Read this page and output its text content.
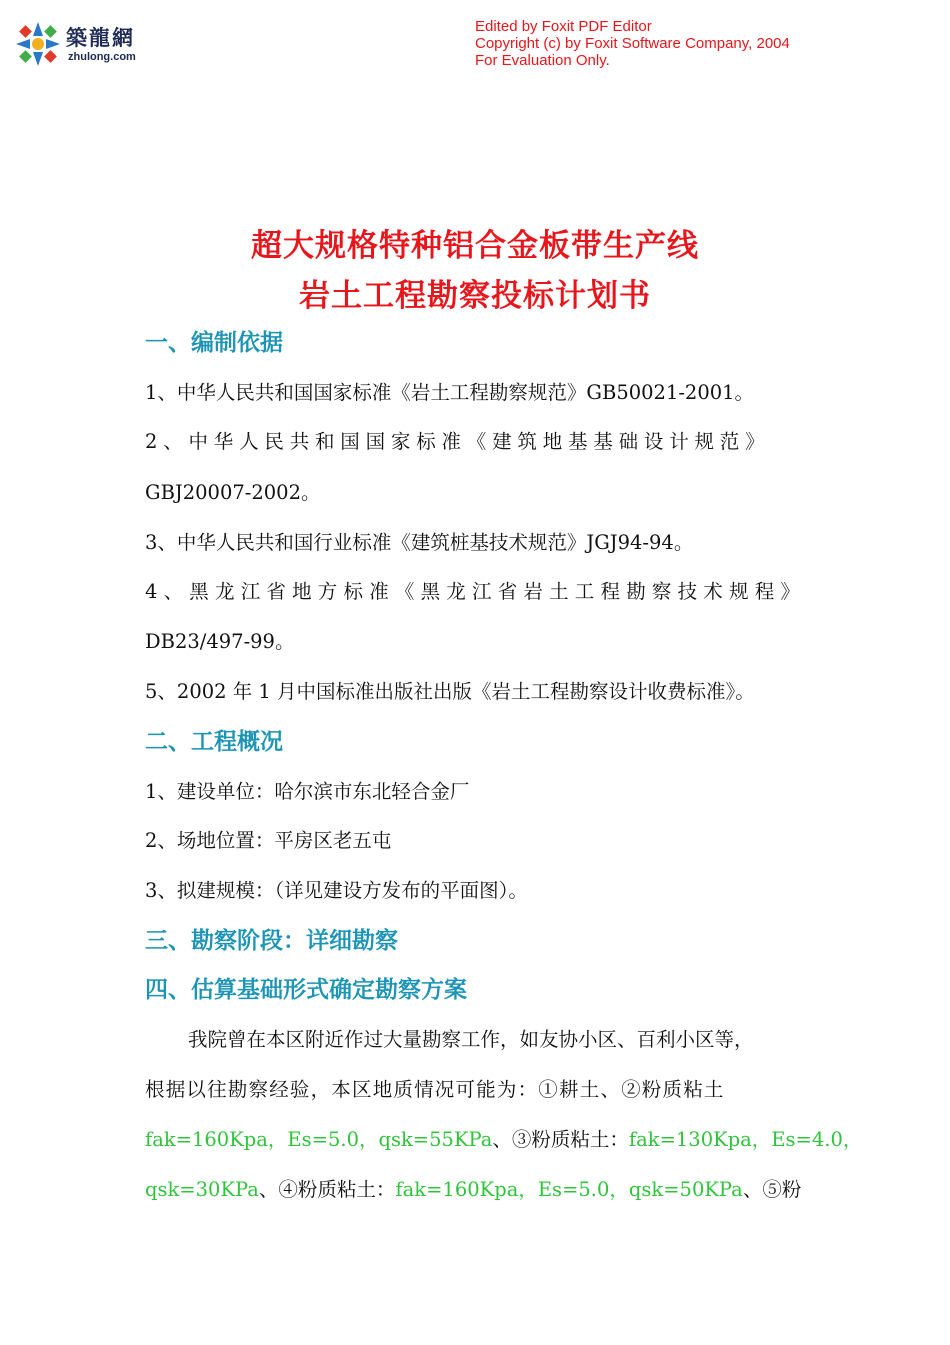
築龍網
zhulong.com
Edited by Foxit PDF Editor
Copyright (c) by Foxit Software Company, 2004
For Evaluation Only.
超大规格特种铝合金板带生产线
岩土工程勘察投标计划书
一、编制依据
1、中华人民共和国国家标准《岩土工程勘察规范》GB50021-2001。
2、中华人民共和国国家标准《建筑地基基础设计规范》
GBJ20007-2002。
3、中华人民共和国行业标准《建筑桩基技术规范》JGJ94-94。
4、黑龙江省地方标准《黑龙江省岩土工程勘察技术规程》
DB23/497-99。
5、2002 年 1 月中国标准出版社出版《岩土工程勘察设计收费标准》。
二、工程概况
1、建设单位：哈尔滨市东北轻合金厂
2、场地位置：平房区老五屯
3、拟建规模：（详见建设方发布的平面图）。
三、勘察阶段：详细勘察
四、估算基础形式确定勘察方案
我院曾在本区附近作过大量勘察工作，如友协小区、百利小区等，
根据以往勘察经验，本区地质情况可能为：①耕土、②粉质粘土
fak=160Kpa，Es=5.0，qsk=55KPa、③粉质粘土：fak=130Kpa，Es=4.0，
qsk=30KPa、④粉质粘土：fak=160Kpa，Es=5.0，qsk=50KPa、⑤粉
